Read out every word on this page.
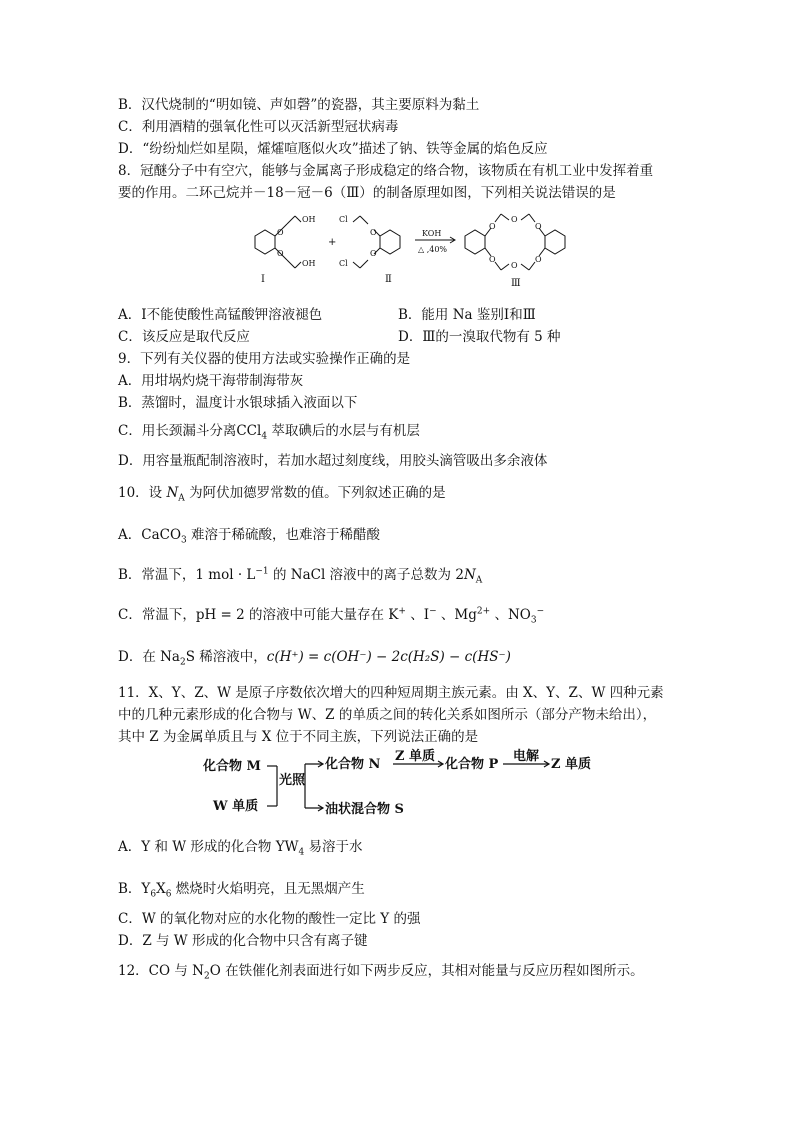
B．汉代烧制的“明如镜、声如磬”的瓷器，其主要原料为黏土
C．利用酒精的强氧化性可以灭活新型冠状病毒
D．“纷纷灿烂如星陨，㸌㸌喧豗似火攻”描述了钠、铁等金属的焰色反应
8．冠醚分子中有空穴，能够与金属离子形成稳定的络合物，该物质在有机工业中发挥着重
要的作用。二环己烷并－18－冠－6（Ⅲ）的制备原理如图，下列相关说法错误的是
O
O
OH
OH
Ⅰ
+
O
O
Cl
Cl
Ⅱ
KOH
△ ,40%
O	O
O
O	O
O
Ⅲ
A．Ⅰ不能使酸性高锰酸钾溶液褪色	B．能用 Na 鉴别Ⅰ和Ⅲ
C．该反应是取代反应	D．Ⅲ的一溴取代物有 5 种
9．下列有关仪器的使用方法或实验操作正确的是
A．用坩埚灼烧干海带制海带灰
B．蒸馏时，温度计水银球插入液面以下
C．用长颈漏斗分离CCl$_4$ 萃取碘后的水层与有机层
D．用容量瓶配制溶液时，若加水超过刻度线，用胶头滴管吸出多余液体
10．设 $N_A$ 为阿伏加德罗常数的值。下列叙述正确的是
A．CaCO$_3$ 难溶于稀硫酸，也难溶于稀醋酸
B．常温下，1 mol · $L^{-1}$ 的 NaCl 溶液中的离子总数为 $2N_A$
C．常温下，pH = 2 的溶液中可能大量存在 K+ 、I− 、$Mg^{2+}$ 、$NO_3^-$
D．在 $Na_2S$ 稀溶液中，c(H⁺) = c(OH⁻) − 2c(H₂S) − c(HS⁻)
11．X、Y、Z、W 是原子序数依次增大的四种短周期主族元素。由 X、Y、Z、W 四种元素
中的几种元素形成的化合物与 W、Z 的单质之间的转化关系如图所示（部分产物未给出），
其中 Z 为金属单质且与 X 位于不同主族，下列说法正确的是
化合物 M
W 单质
光照
化合物 N
Z 单质
化合物 P
电解
Z 单质
油状混合物 S
A．Y 和 W 形成的化合物 $YW_4$ 易溶于水
B．$Y_6X_6$ 燃烧时火焰明亮，且无黑烟产生
C．W 的氧化物对应的水化物的酸性一定比 Y 的强
D．Z 与 W 形成的化合物中只含有离子键
12．CO 与 $N_2O$ 在铁催化剂表面进行如下两步反应，其相对能量与反应历程如图所示。
